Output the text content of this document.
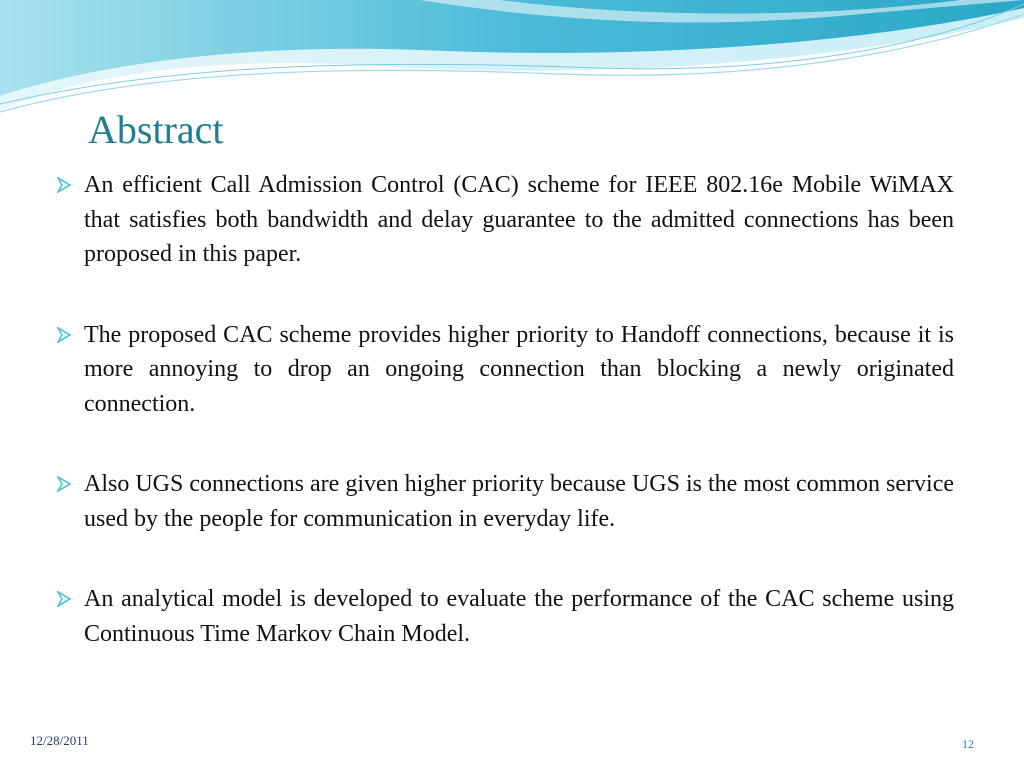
Abstract
An efficient Call Admission Control (CAC) scheme for IEEE 802.16e Mobile WiMAX that satisfies both bandwidth and delay guarantee to the admitted connections has been proposed in this paper.
The proposed CAC scheme provides higher priority to Handoff connections, because it is more annoying to drop an ongoing connection than blocking a newly originated connection.
Also UGS connections are given higher priority because UGS is the most common service used by the people for communication in everyday life.
An analytical model is developed to evaluate the performance of the CAC scheme using Continuous Time Markov Chain Model.
12/28/2011	12
